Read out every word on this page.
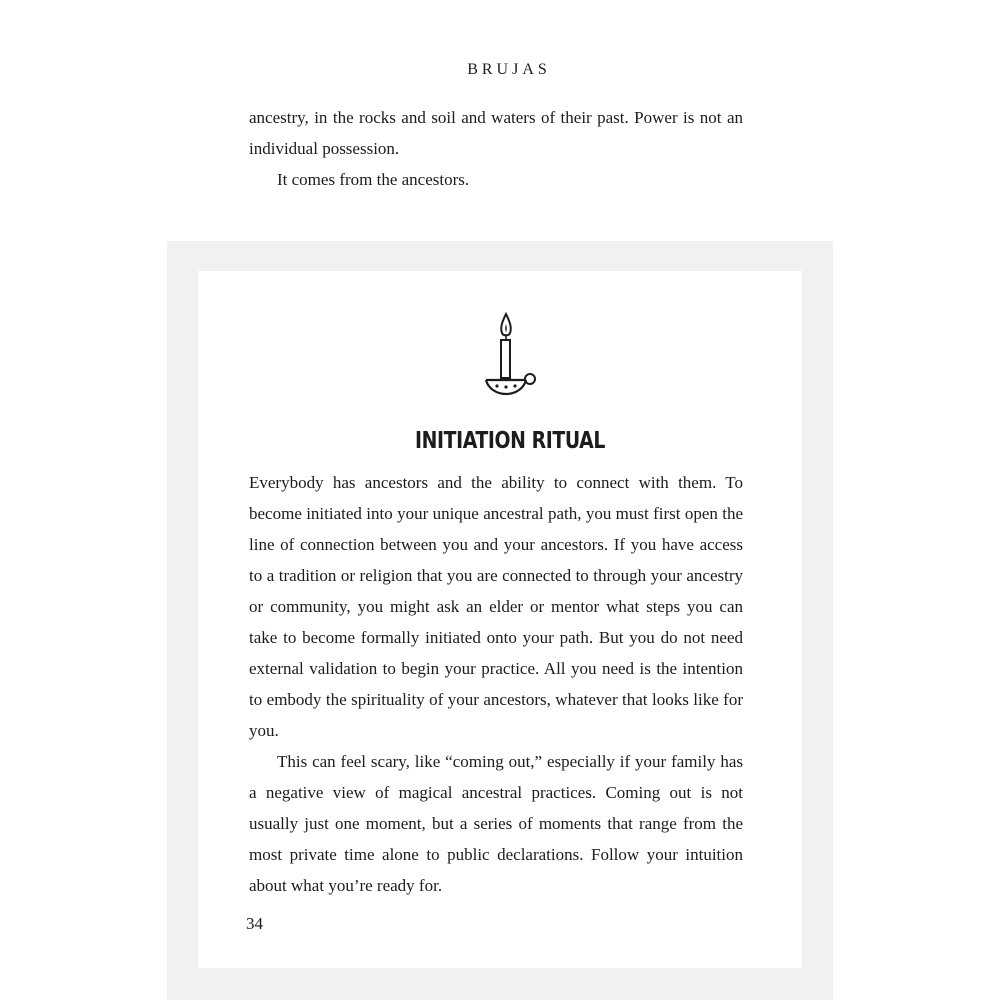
BRUJAS

ancestry, in the rocks and soil and waters of their past. Power is not an individual possession.

It comes from the ancestors.

INITIATION RITUAL

Everybody has ancestors and the ability to connect with them. To become initiated into your unique ancestral path, you must first open the line of connection between you and your ancestors. If you have access to a tradition or religion that you are connected to through your ancestry or community, you might ask an elder or mentor what steps you can take to become formally initiated onto your path. But you do not need external validation to begin your practice. All you need is the intention to embody the spirituality of your ancestors, whatever that looks like for you.

This can feel scary, like “coming out,” especially if your family has a negative view of magical ancestral practices. Coming out is not usually just one moment, but a series of moments that range from the most private time alone to public declarations. Follow your intuition about what you’re ready for.

34
